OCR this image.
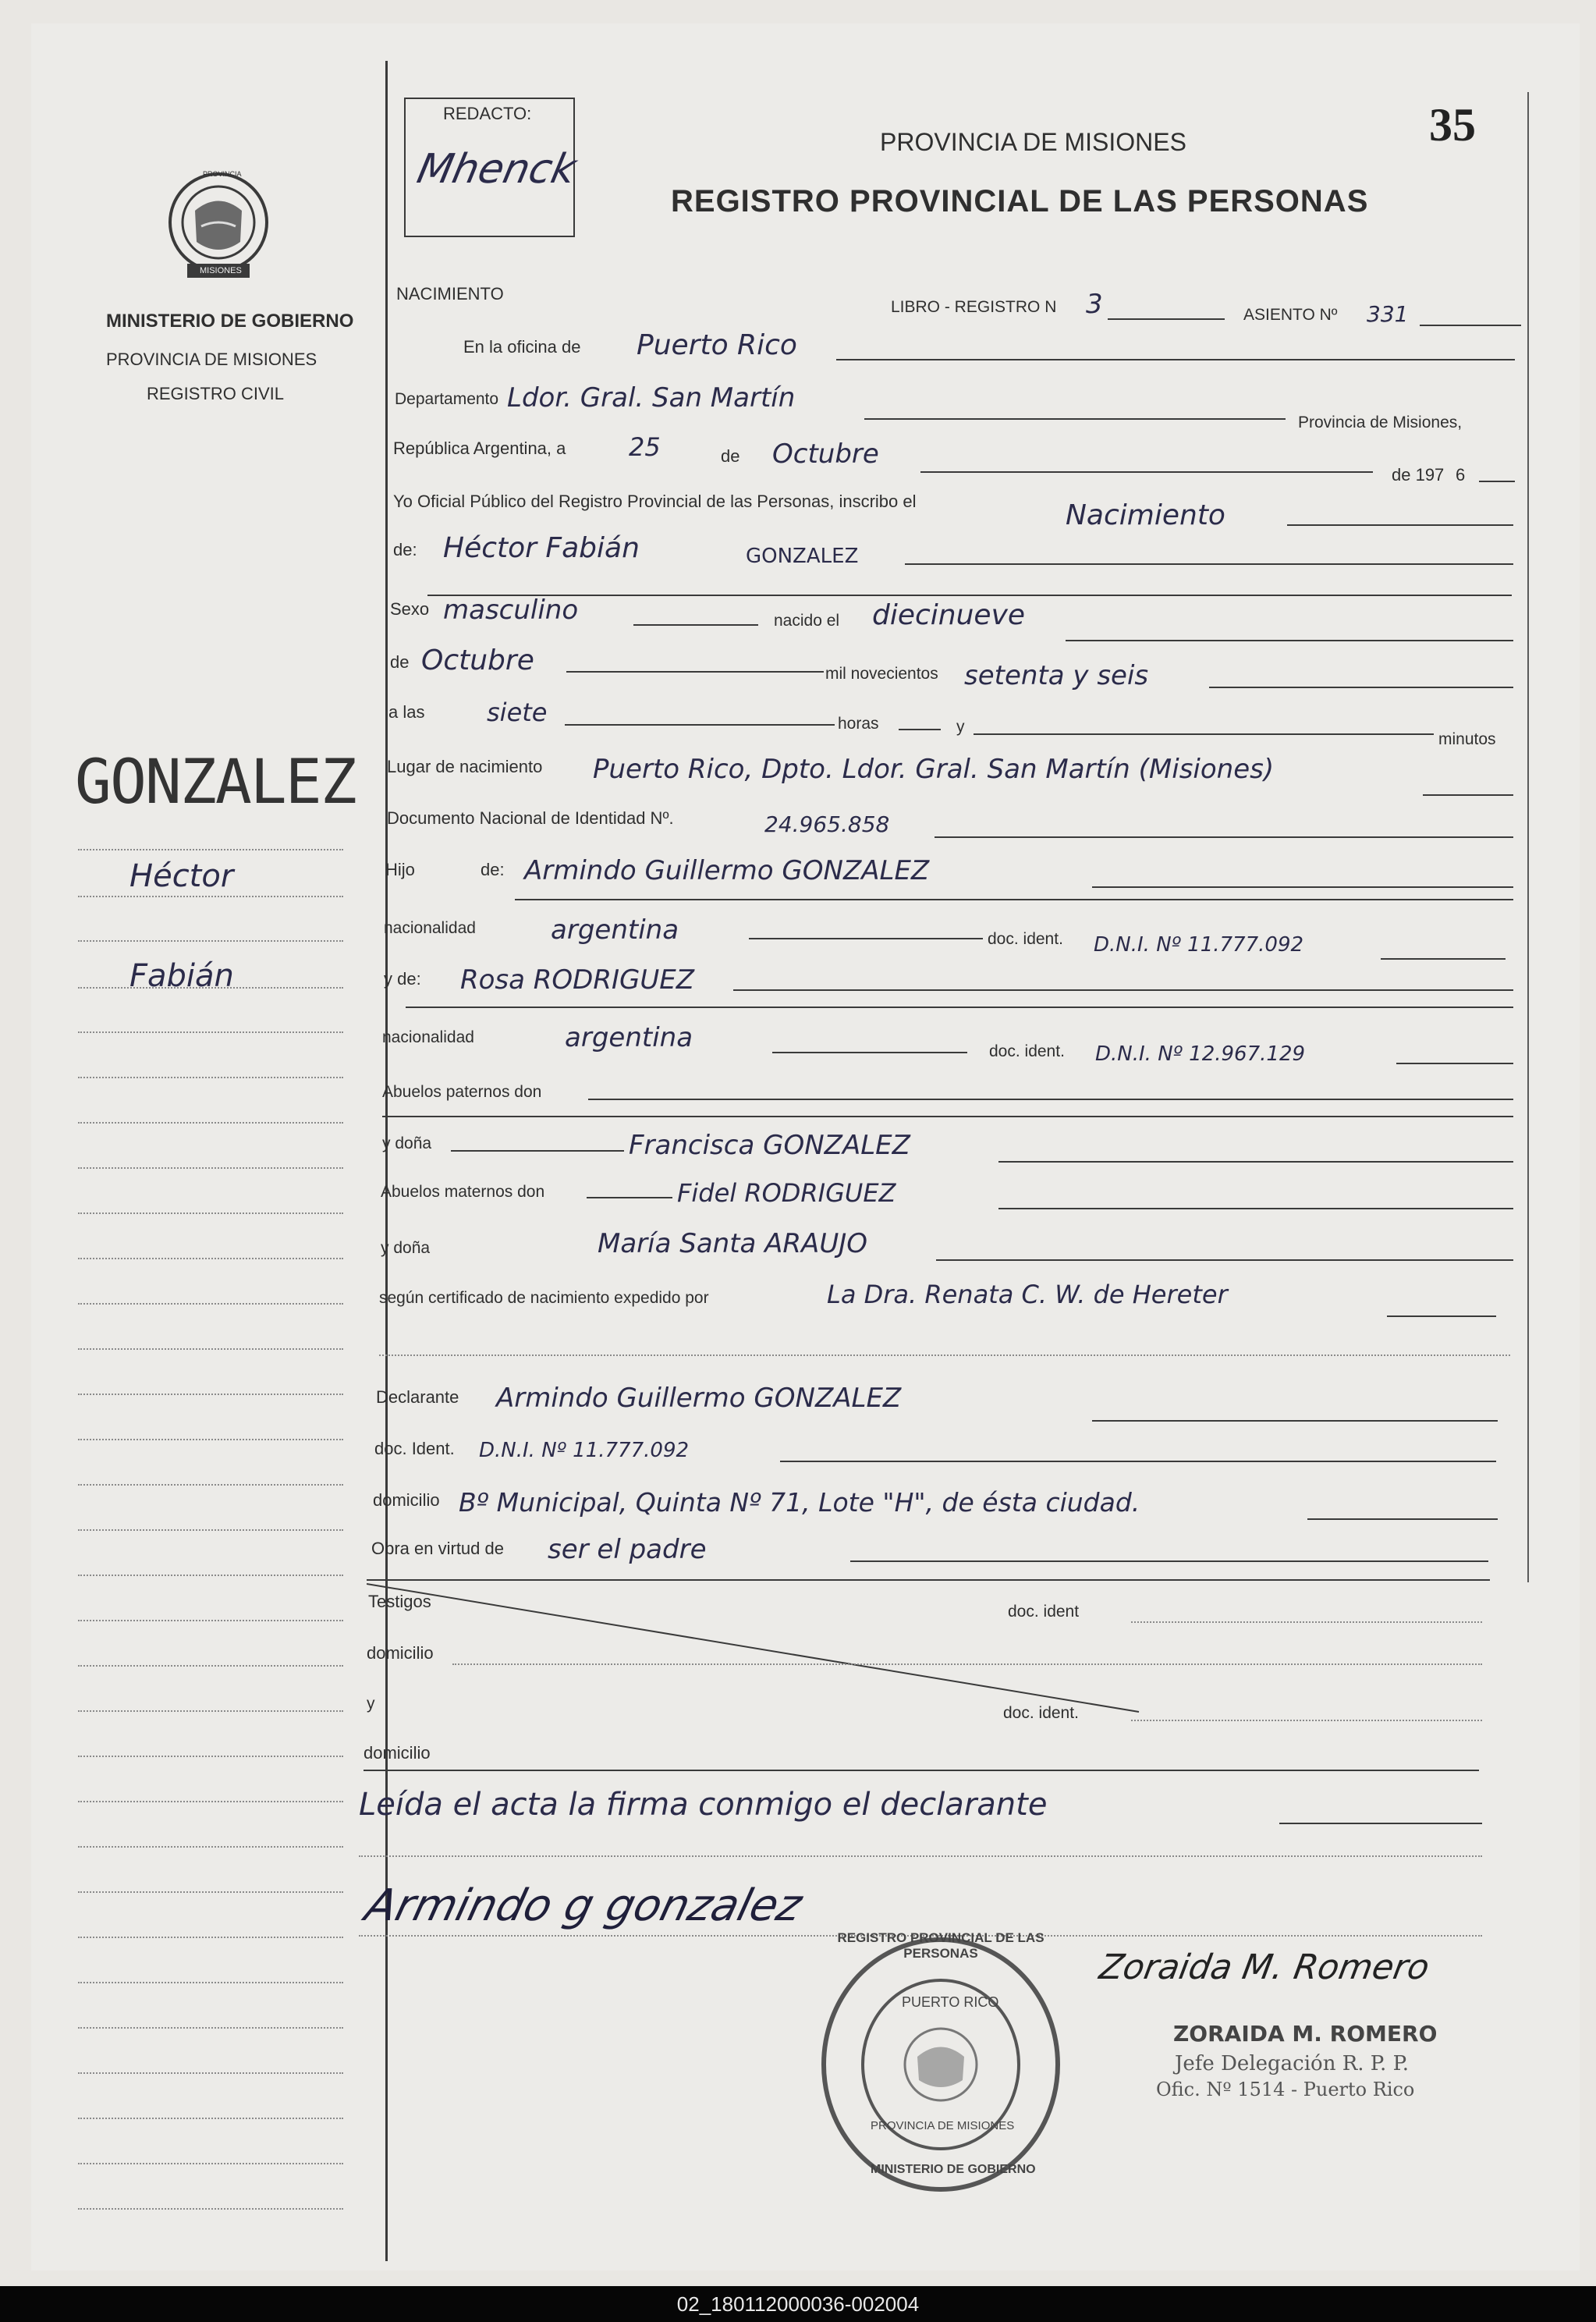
REDACTO:
Mhenck
35
PROVINCIA DE MISIONES
REGISTRO PROVINCIAL DE LAS PERSONAS
PROVINCIA
MISIONES
MINISTERIO DE GOBIERNO
PROVINCIA DE MISIONES
REGISTRO CIVIL
GONZALEZ
Héctor
Fabián
NACIMIENTO
LIBRO - REGISTRO N 3	ASIENTO Nº 331
En la oficina de Puerto Rico
Departamento Ldor. Gral. San Martín
Provincia de Misiones,
República Argentina, a	25	de Octubre
de 197 6
Yo Oficial Público del Registro Provincial de las Personas, inscribo el	Nacimiento
de: Héctor Fabián	GONZALEZ
Sexo masculino	nacido el diecinueve
de Octubre	mil novecientos setenta y seis
a las siete	horas	y
minutos
Lugar de nacimiento Puerto Rico, Dpto. Ldor. Gral. San Martín (Misiones)
Documento Nacional de Identidad Nº.	24.965.858
Hijo	de: Armindo Guillermo GONZALEZ
nacionalidad	argentina	doc. ident. D.N.I. Nº 11.777.092
y de: Rosa RODRIGUEZ
nacionalidad	argentina	doc. ident. D.N.I. Nº 12.967.129
Abuelos paternos don
y doña	Francisca GONZALEZ
Abuelos maternos don	Fidel RODRIGUEZ
y doña	María Santa ARAUJO
según certificado de nacimiento expedido por	La Dra. Renata C. W. de Hereter
Declarante Armindo Guillermo GONZALEZ
doc. Ident. D.N.I. Nº 11.777.092
domicilio Bº Municipal, Quinta Nº 71, Lote "H", de ésta ciudad.
Obra en virtud de ser el padre
Testigos
doc. ident
domicilio
y
doc. ident.
domicilio
Leída el acta la firma conmigo el declarante
Armindo g gonzalez
REGISTRO PROVINCIAL DE LAS PERSONAS
PUERTO RICO
PROVINCIA DE MISIONES
MINISTERIO DE GOBIERNO
Zoraida M. Romero
ZORAIDA M. ROMERO
Jefe Delegación R. P. P.
Ofic. Nº 1514 - Puerto Rico
02_180112000036-002004
